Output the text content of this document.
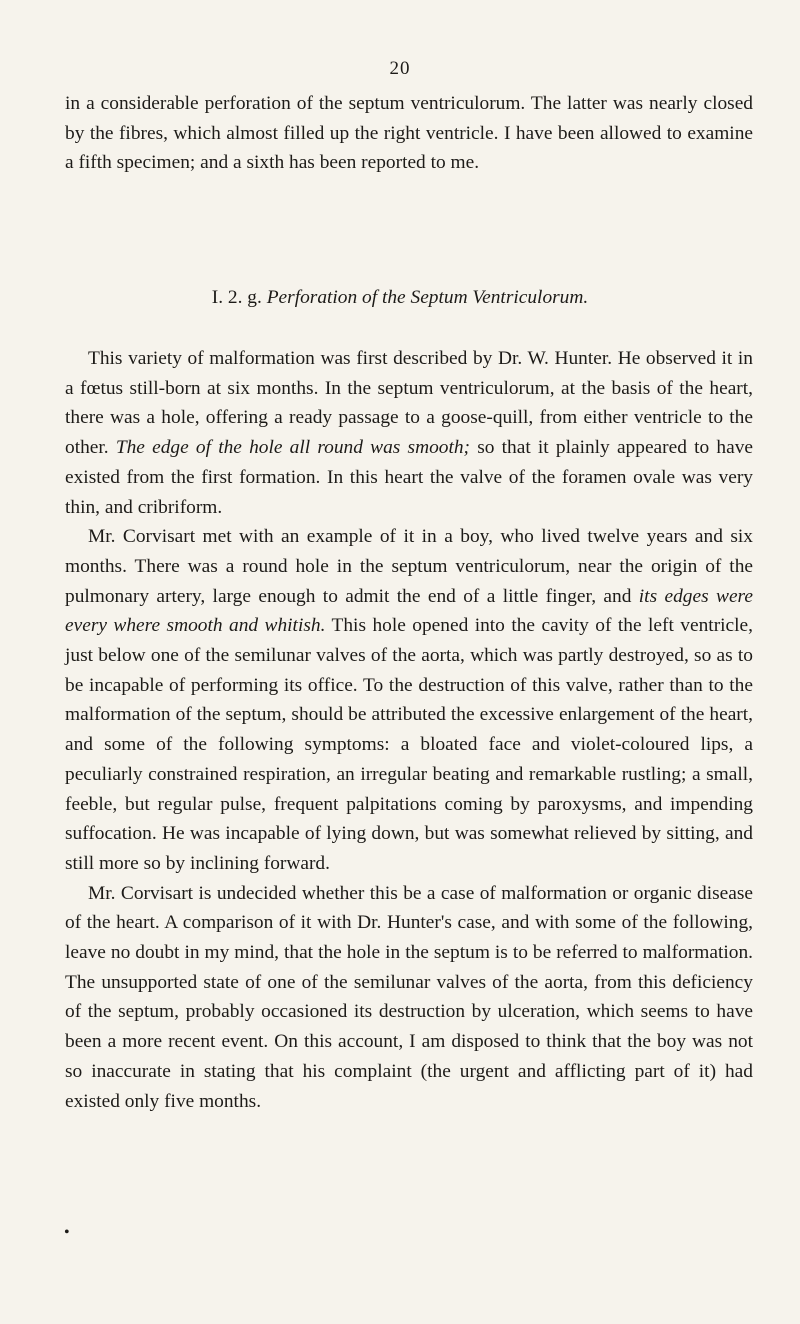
20

in a considerable perforation of the septum ventriculorum. The latter was nearly closed by the fibres, which almost filled up the right ventricle. I have been allowed to examine a fifth specimen; and a sixth has been reported to me.

I. 2. g. Perforation of the Septum Ventriculorum.

This variety of malformation was first described by Dr. W. Hunter. He observed it in a fœtus still-born at six months. In the septum ventriculorum, at the basis of the heart, there was a hole, offering a ready passage to a goose-quill, from either ventricle to the other. The edge of the hole all round was smooth; so that it plainly appeared to have existed from the first formation. In this heart the valve of the foramen ovale was very thin, and cribriform.

Mr. Corvisart met with an example of it in a boy, who lived twelve years and six months. There was a round hole in the septum ventriculorum, near the origin of the pulmonary artery, large enough to admit the end of a little finger, and its edges were every where smooth and whitish. This hole opened into the cavity of the left ventricle, just below one of the semilunar valves of the aorta, which was partly destroyed, so as to be incapable of performing its office. To the destruction of this valve, rather than to the malformation of the septum, should be attributed the excessive enlargement of the heart, and some of the following symptoms: a bloated face and violet-coloured lips, a peculiarly constrained respiration, an irregular beating and remarkable rustling; a small, feeble, but regular pulse, frequent palpitations coming by paroxysms, and impending suffocation. He was incapable of lying down, but was somewhat relieved by sitting, and still more so by inclining forward.

Mr. Corvisart is undecided whether this be a case of malformation or organic disease of the heart. A comparison of it with Dr. Hunter's case, and with some of the following, leave no doubt in my mind, that the hole in the septum is to be referred to malformation. The unsupported state of one of the semilunar valves of the aorta, from this deficiency of the septum, probably occasioned its destruction by ulceration, which seems to have been a more recent event. On this account, I am disposed to think that the boy was not so inaccurate in stating that his complaint (the urgent and afflicting part of it) had existed only five months.

•
